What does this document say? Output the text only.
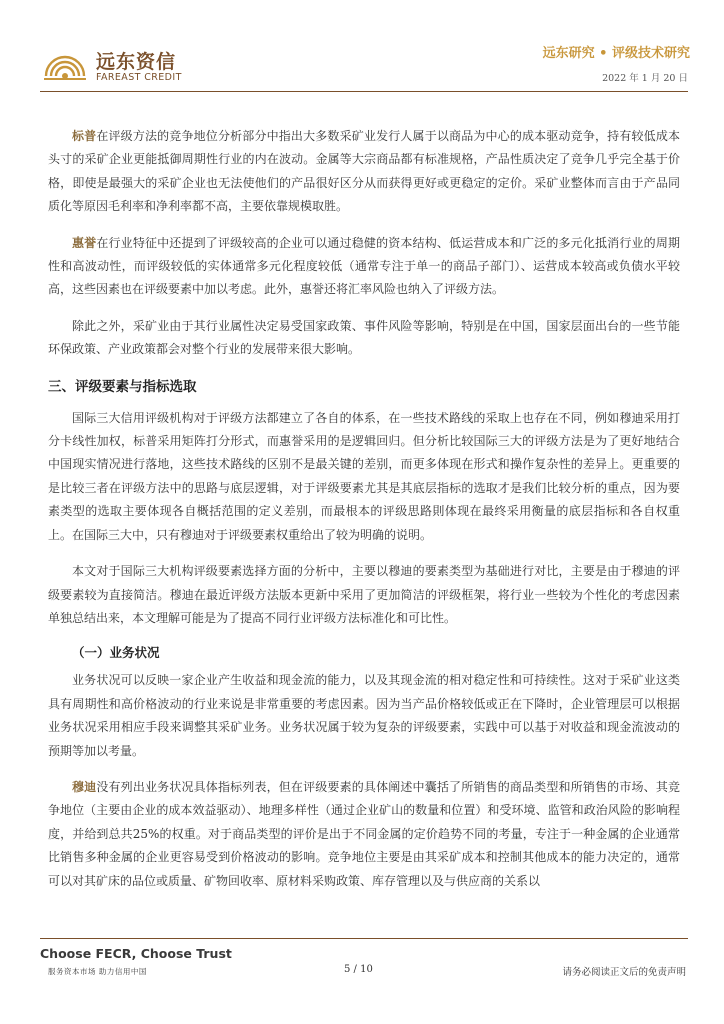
远东资信
FAREAST CREDIT
远东研究 • 评级技术研究
2022 年 1 月 20 日

标普在评级方法的竞争地位分析部分中指出大多数采矿业发行人属于以商品为中心的成本驱动竞争，持有较低成本头寸的采矿企业更能抵御周期性行业的内在波动。金属等大宗商品都有标准规格，产品性质决定了竞争几乎完全基于价格，即使是最强大的采矿企业也无法使他们的产品很好区分从而获得更好或更稳定的定价。采矿业整体而言由于产品同质化等原因毛利率和净利率都不高，主要依靠规模取胜。

惠誉在行业特征中还提到了评级较高的企业可以通过稳健的资本结构、低运营成本和广泛的多元化抵消行业的周期性和高波动性，而评级较低的实体通常多元化程度较低（通常专注于单一的商品子部门）、运营成本较高或负债水平较高，这些因素也在评级要素中加以考虑。此外，惠誉还将汇率风险也纳入了评级方法。

除此之外，采矿业由于其行业属性决定易受国家政策、事件风险等影响，特别是在中国，国家层面出台的一些节能环保政策、产业政策都会对整个行业的发展带来很大影响。

三、评级要素与指标选取

国际三大信用评级机构对于评级方法都建立了各自的体系，在一些技术路线的采取上也存在不同，例如穆迪采用打分卡线性加权，标普采用矩阵打分形式，而惠誉采用的是逻辑回归。但分析比较国际三大的评级方法是为了更好地结合中国现实情况进行落地，这些技术路线的区别不是最关键的差别，而更多体现在形式和操作复杂性的差异上。更重要的是比较三者在评级方法中的思路与底层逻辑，对于评级要素尤其是其底层指标的选取才是我们比较分析的重点，因为要素类型的选取主要体现各自概括范围的定义差别，而最根本的评级思路則体现在最终采用衡量的底层指标和各自权重上。在国际三大中，只有穆迪对于评级要素权重给出了较为明确的说明。

本文对于国际三大机构评级要素选择方面的分析中，主要以穆迪的要素类型为基础进行对比，主要是由于穆迪的评级要素较为直接简洁。穆迪在最近评级方法版本更新中采用了更加简洁的评级框架，将行业一些较为个性化的考虑因素单独总结出来，本文理解可能是为了提高不同行业评级方法标准化和可比性。

（一）业务状况

业务状况可以反映一家企业产生收益和现金流的能力，以及其现金流的相对稳定性和可持续性。这对于采矿业这类具有周期性和高价格波动的行业来说是非常重要的考虑因素。因为当产品价格较低或正在下降时，企业管理层可以根据业务状况采用相应手段来调整其采矿业务。业务状况属于较为复杂的评级要素，实践中可以基于对收益和现金流波动的预期等加以考量。

穆迪没有列出业务状况具体指标列表，但在评级要素的具体阐述中囊括了所销售的商品类型和所销售的市场、其竞争地位（主要由企业的成本效益驱动）、地理多样性（通过企业矿山的数量和位置）和受环境、监管和政治风险的影响程度，并给到总共25%的权重。对于商品类型的评价是出于不同金属的定价趋势不同的考量，专注于一种金属的企业通常比销售多种金属的企业更容易受到价格波动的影响。竞争地位主要是由其采矿成本和控制其他成本的能力决定的，通常可以对其矿床的品位或质量、矿物回收率、原材料采购政策、库存管理以及与供应商的关系以

Choose FECR, Choose Trust
服务资本市场 助力信用中国	5 / 10	请务必阅读正文后的免责声明
